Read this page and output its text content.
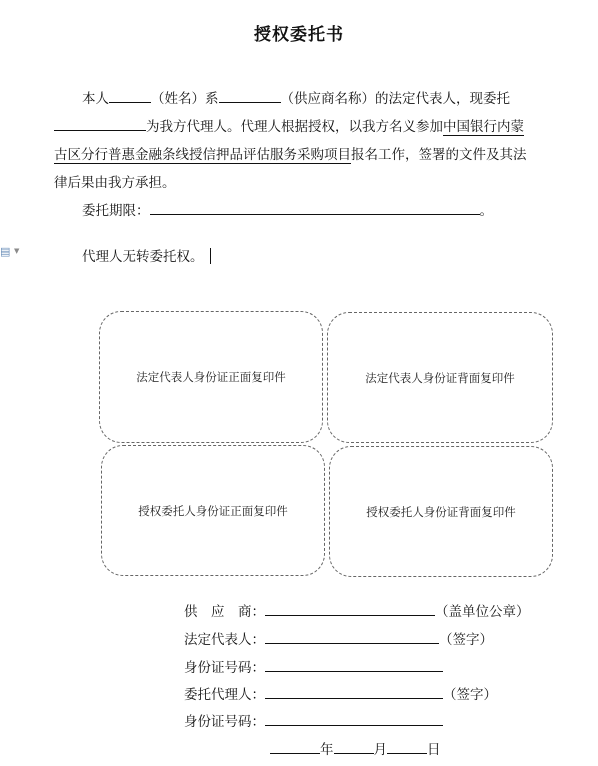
授权委托书
本人	（姓名）系	（供应商名称）的法定代表人，现委托
为我方代理人。代理人根据授权，以我方名义参加中国银行内蒙
古区分行普惠金融条线授信押品评估服务采购项目报名工作，签署的文件及其法
律后果由我方承担。
委托期限：	。
▤ ▼	代理人无转委托权。
法定代表人身份证正面复印件	法定代表人身份证背面复印件
授权委托人身份证正面复印件	授权委托人身份证背面复印件
供　应　商：	（盖单位公章）
法定代表人：	（签字）
身份证号码：
委托代理人：	（签字）
身份证号码：
年	月	日
